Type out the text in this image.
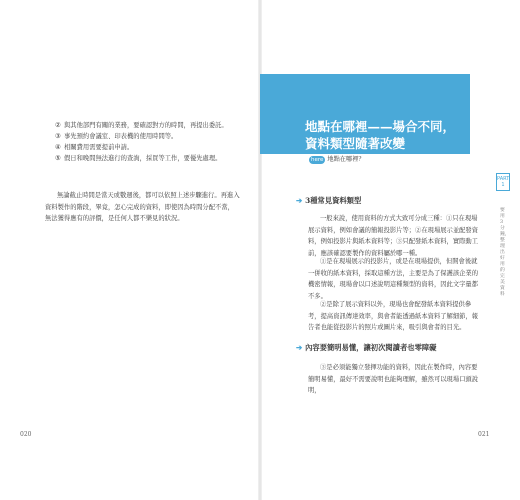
② 與其他部門有關的業務，要確認對方的時間，再提出委託。
③ 事先預約會議室、印表機的使用時間等。
④ 相關費用需要提前申請。
⑤ 假日和晚間無法進行的查詢，採買等工作，要優先處理。
無論截止時間是當天或數週後，都可以依照上述步驟進行。再進入資料製作的階段，畢竟，怎心完成的資料，即使因為時間分配不當，無法獲得應有的評價，是任何人都不樂見的狀況。
020
地點在哪裡——場合不同，
資料類型隨著改變
here 地點在哪裡？
PART 1
要用3分鐘，整理出好用的完美資料
➔ 3種常見資料類型
一般來說，使用資料的方式大致可分成三種：①只在現場展示資料，例如會議的簡報投影片等；②在現場展示並配發資料，例如投影片與紙本資料等；③只配發紙本資料，實際動工前，應該確認要製作的資料屬於哪一種。
①是在現場展示的投影片，或是在現場提供，但開會後就一併收的紙本資料，採取這種方法，主要是為了保護該企業的機密情報，現場會以口述說明這種類型的資料，因此文字量都不多。
②是除了展示資料以外，現場也會配發紙本資料提供參考，提高資訊傳達效率，與會者能透過紙本資料了解細節，報告者也能從投影片的照片或圖片來，吸引與會者的目光。
➔ 內容要簡明易懂，讓初次閱讀者也零障礙
③是必須能獨立發揮功能的資料，因此在製作時，內容要簡明易懂，最好不需要說明也能夠理解，雖然可以現場口頭說明，
021
